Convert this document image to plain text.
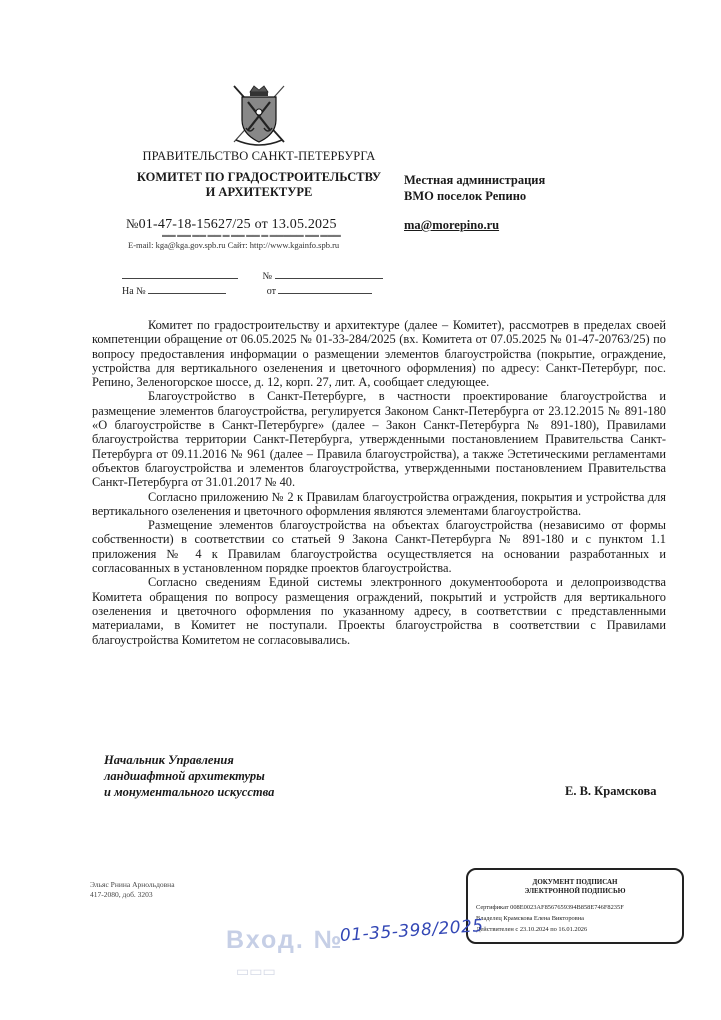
ПРАВИТЕЛЬСТВО САНКТ-ПЕТЕРБУРГА
КОМИТЕТ ПО ГРАДОСТРОИТЕЛЬСТВУ
И АРХИТЕКТУРЕ
№01-47-18-15627/25 от 13.05.2025
▬▬ ▬▬ ▬▬ ▬▬ ▬ ▬▬ ▬▬ ▬ ▬▬▬▬▬ ▬▬ ▬▬▬
E-mail: kga@kga.gov.spb.ru Сайт: http://www.kgainfo.spb.ru
№
На №	от
Местная администрация
ВМО поселок Репино
ma@morepino.ru

Комитет по градостроительству и архитектуре (далее – Комитет), рассмотрев в пределах своей компетенции обращение от 06.05.2025 № 01-33-284/2025 (вх. Комитета от 07.05.2025 № 01-47-20763/25) по вопросу предоставления информации о размещении элементов благоустройства (покрытие, ограждение, устройства для вертикального озеленения и цветочного оформления) по адресу: Санкт-Петербург, пос. Репино, Зеленогорское шоссе, д. 12, корп. 27, лит. А, сообщает следующее.

Благоустройство в Санкт-Петербурге, в частности проектирование благоустройства и размещение элементов благоустройства, регулируется Законом Санкт-Петербурга от 23.12.2015 № 891-180 «О благоустройстве в Санкт-Петербурге» (далее – Закон Санкт-Петербурга № 891-180), Правилами благоустройства территории Санкт-Петербурга, утвержденными постановлением Правительства Санкт-Петербурга от 09.11.2016 № 961 (далее – Правила благоустройства), а также Эстетическими регламентами объектов благоустройства и элементов благоустройства, утвержденными постановлением Правительства Санкт-Петербурга от 31.01.2017 № 40.

Согласно приложению № 2 к Правилам благоустройства ограждения, покрытия и устройства для вертикального озеленения и цветочного оформления являются элементами благоустройства.

Размещение элементов благоустройства на объектах благоустройства (независимо от формы собственности) в соответствии со статьей 9 Закона Санкт-Петербурга № 891-180 и с пунктом 1.1 приложения № 4 к Правилам благоустройства осуществляется на основании разработанных и согласованных в установленном порядке проектов благоустройства.

Согласно сведениям Единой системы электронного документооборота и делопроизводства Комитета обращения по вопросу размещения ограждений, покрытий и устройств для вертикального озеленения и цветочного оформления по указанному адресу, в соответствии с представленными материалами, в Комитет не поступали. Проекты благоустройства в соответствии с Правилами благоустройства Комитетом не согласовывались.

Начальник Управления
ландшафтной архитектуры
и монументального искусства	Е. В. Крамскова
Эльяс Рнина Арнольдовна
417-2080, доб. 3203
ДОКУМЕНТ ПОДПИСАН
ЭЛЕКТРОННОЙ ПОДПИСЬЮ
Сертификат 008E0023AF8567659394B858E746F8235F
Владелец Крамскова Елена Викторовна
Действителен с 23.10.2024 по 16.01.2026
Вход. №
01-35-398/2025
▭▭▭
